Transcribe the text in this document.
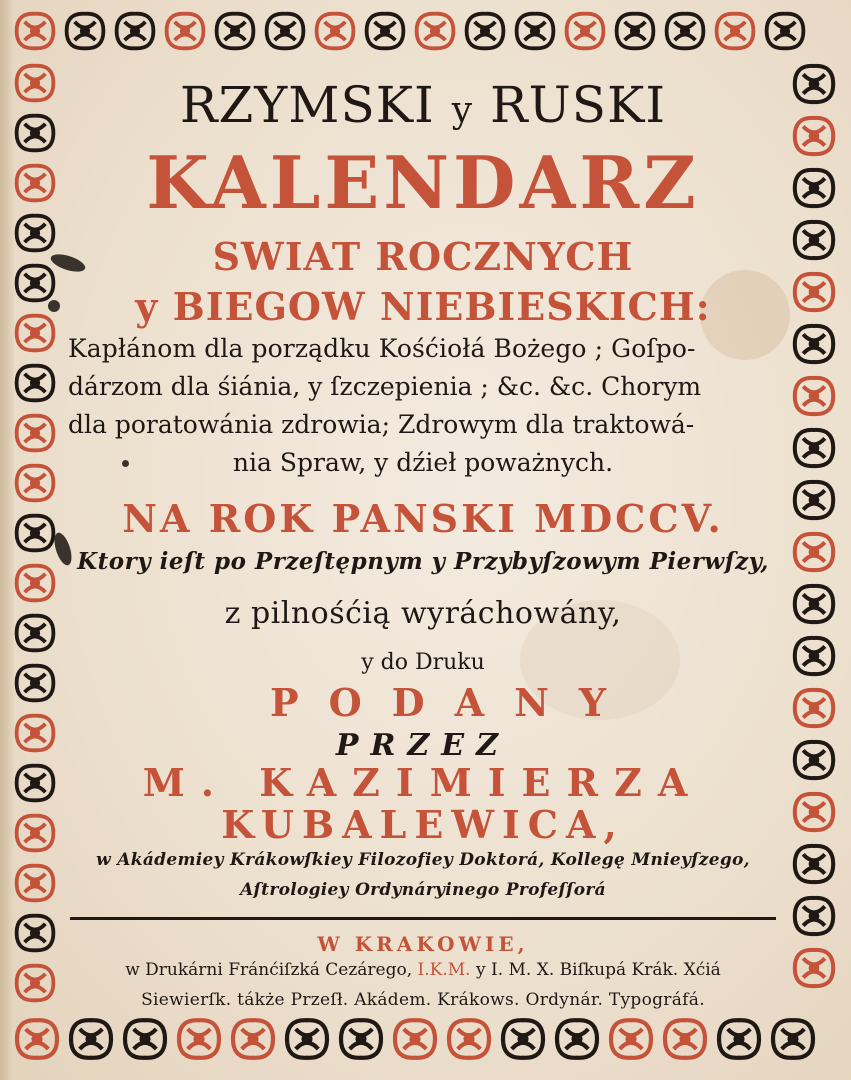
RZYMSKI y RUSKI
KALENDARZ
SWIAT ROCZNYCH
y BIEGOW NIEBIESKICH:
Kapłánom dla porządku Kośćiołá Bożego ; Goſpo-
dárzom dla śiánia, y ſzczepienia ; &c. &c. Chorym
dla poratowánia zdrowia; Zdrowym dla traktowá-
nia Spraw, y dźieł poważnych.
NA ROK PANSKI MDCCV.
Ktory ieſt po Przeſtępnym y Przybyſzowym Pierwſzy,
z pilnośćią wyráchowány,
y do Druku
PODANY
PRZEZ
M. KAZIMIERZA
KUBALEWICA,
w Akádemiey Krákowſkiey Filozofiey Doktorá, Kollegę Mnieyſzego,
Aſtrologiey Ordynáryinego Profeſſorá
W KRAKOWIE,
w Drukárni Fránćiſzká Cezárego, I.K.M. y I. M. X. Biſkupá Krák. Xćiá
Siewierſk. tákże Przeſł. Akádem. Krákows. Ordynár. Typográfá.
